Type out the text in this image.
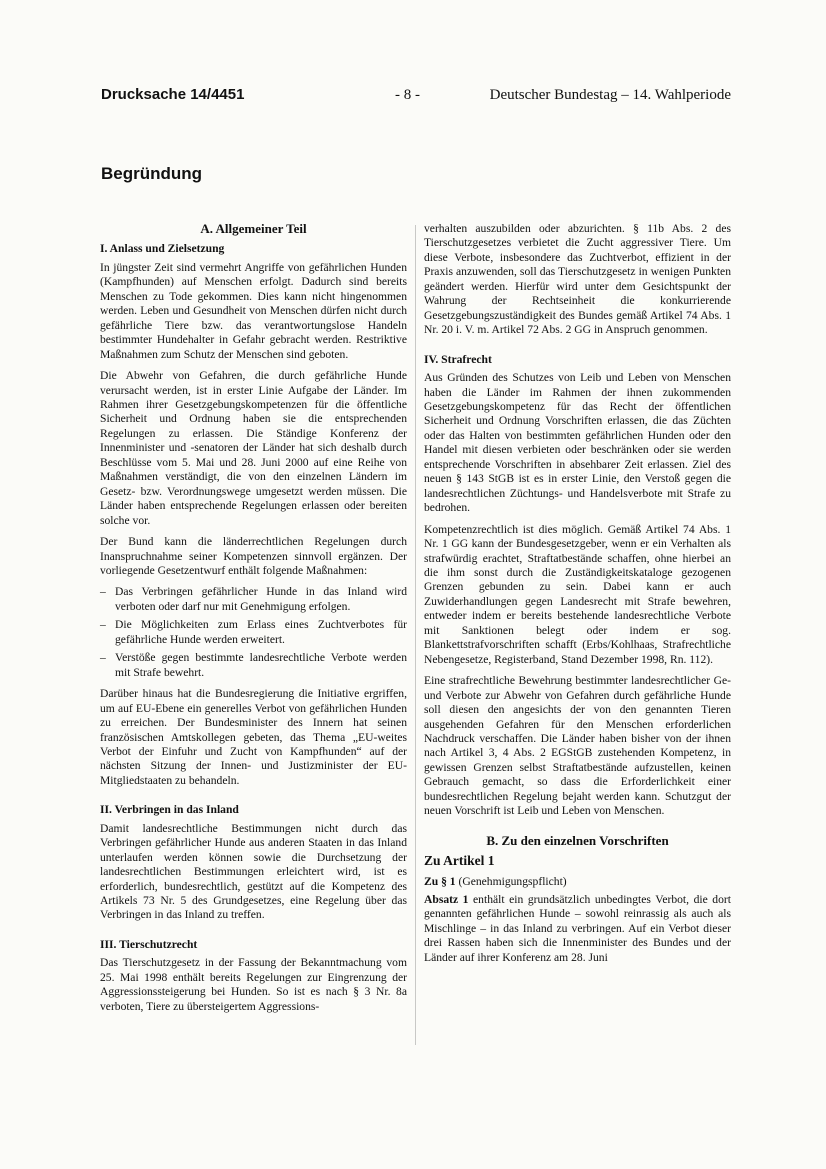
Drucksache 14/4451	- 8 -	Deutscher Bundestag – 14. Wahlperiode
Begründung
A. Allgemeiner Teil
I. Anlass und Zielsetzung

In jüngster Zeit sind vermehrt Angriffe von gefährlichen Hunden (Kampfhunden) auf Menschen erfolgt. Dadurch sind bereits Menschen zu Tode gekommen. Dies kann nicht hingenommen werden. Leben und Gesundheit von Menschen dürfen nicht durch gefährliche Tiere bzw. das verantwortungslose Handeln bestimmter Hundehalter in Gefahr gebracht werden. Restriktive Maßnahmen zum Schutz der Menschen sind geboten.

Die Abwehr von Gefahren, die durch gefährliche Hunde verursacht werden, ist in erster Linie Aufgabe der Länder. Im Rahmen ihrer Gesetzgebungskompetenzen für die öffentliche Sicherheit und Ordnung haben sie die entsprechenden Regelungen zu erlassen. Die Ständige Konferenz der Innenminister und -senatoren der Länder hat sich deshalb durch Beschlüsse vom 5. Mai und 28. Juni 2000 auf eine Reihe von Maßnahmen verständigt, die von den einzelnen Ländern im Gesetz- bzw. Verordnungswege umgesetzt werden müssen. Die Länder haben entsprechende Regelungen erlassen oder bereiten solche vor.

Der Bund kann die länderrechtlichen Regelungen durch Inanspruchnahme seiner Kompetenzen sinnvoll ergänzen. Der vorliegende Gesetzentwurf enthält folgende Maßnahmen:

– Das Verbringen gefährlicher Hunde in das Inland wird verboten oder darf nur mit Genehmigung erfolgen.
– Die Möglichkeiten zum Erlass eines Zuchtverbotes für gefährliche Hunde werden erweitert.
– Verstöße gegen bestimmte landesrechtliche Verbote werden mit Strafe bewehrt.

Darüber hinaus hat die Bundesregierung die Initiative ergriffen, um auf EU-Ebene ein generelles Verbot von gefährlichen Hunden zu erreichen. Der Bundesminister des Innern hat seinen französischen Amtskollegen gebeten, das Thema „EU-weites Verbot der Einfuhr und Zucht von Kampfhunden“ auf der nächsten Sitzung der Innen- und Justizminister der EU-Mitgliedstaaten zu behandeln.

II. Verbringen in das Inland

Damit landesrechtliche Bestimmungen nicht durch das Verbringen gefährlicher Hunde aus anderen Staaten in das Inland unterlaufen werden können sowie die Durchsetzung der landesrechtlichen Bestimmungen erleichtert wird, ist es erforderlich, bundesrechtlich, gestützt auf die Kompetenz des Artikels 73 Nr. 5 des Grundgesetzes, eine Regelung über das Verbringen in das Inland zu treffen.

III. Tierschutzrecht

Das Tierschutzgesetz in der Fassung der Bekanntmachung vom 25. Mai 1998 enthält bereits Regelungen zur Eingrenzung der Aggressionssteigerung bei Hunden. So ist es nach § 3 Nr. 8a verboten, Tiere zu übersteigertem Aggressions-

verhalten auszubilden oder abzurichten. § 11b Abs. 2 des Tierschutzgesetzes verbietet die Zucht aggressiver Tiere. Um diese Verbote, insbesondere das Zuchtverbot, effizient in der Praxis anzuwenden, soll das Tierschutzgesetz in wenigen Punkten geändert werden. Hierfür wird unter dem Gesichtspunkt der Wahrung der Rechtseinheit die konkurrierende Gesetzgebungszuständigkeit des Bundes gemäß Artikel 74 Abs. 1 Nr. 20 i. V. m. Artikel 72 Abs. 2 GG in Anspruch genommen.

IV. Strafrecht

Aus Gründen des Schutzes von Leib und Leben von Menschen haben die Länder im Rahmen der ihnen zukommenden Gesetzgebungskompetenz für das Recht der öffentlichen Sicherheit und Ordnung Vorschriften erlassen, die das Züchten oder das Halten von bestimmten gefährlichen Hunden oder den Handel mit diesen verbieten oder beschränken oder sie werden entsprechende Vorschriften in absehbarer Zeit erlassen. Ziel des neuen § 143 StGB ist es in erster Linie, den Verstoß gegen die landesrechtlichen Züchtungs- und Handelsverbote mit Strafe zu bedrohen.

Kompetenzrechtlich ist dies möglich. Gemäß Artikel 74 Abs. 1 Nr. 1 GG kann der Bundesgesetzgeber, wenn er ein Verhalten als strafwürdig erachtet, Straftatbestände schaffen, ohne hierbei an die ihm sonst durch die Zuständigkeitskataloge gezogenen Grenzen gebunden zu sein. Dabei kann er auch Zuwiderhandlungen gegen Landesrecht mit Strafe bewehren, entweder indem er bereits bestehende landesrechtliche Verbote mit Sanktionen belegt oder indem er sog. Blankettstrafvorschriften schafft (Erbs/Kohlhaas, Strafrechtliche Nebengesetze, Registerband, Stand Dezember 1998, Rn. 112).

Eine strafrechtliche Bewehrung bestimmter landesrechtlicher Ge- und Verbote zur Abwehr von Gefahren durch gefährliche Hunde soll diesen den angesichts der von den genannten Tieren ausgehenden Gefahren für den Menschen erforderlichen Nachdruck verschaffen. Die Länder haben bisher von der ihnen nach Artikel 3, 4 Abs. 2 EGStGB zustehenden Kompetenz, in gewissen Grenzen selbst Straftatbestände aufzustellen, keinen Gebrauch gemacht, so dass die Erforderlichkeit einer bundesrechtlichen Regelung bejaht werden kann. Schutzgut der neuen Vorschrift ist Leib und Leben von Menschen.

B. Zu den einzelnen Vorschriften
Zu Artikel 1
Zu § 1 (Genehmigungspflicht)

Absatz 1 enthält ein grundsätzlich unbedingtes Verbot, die dort genannten gefährlichen Hunde – sowohl reinrassig als auch als Mischlinge – in das Inland zu verbringen. Auf ein Verbot dieser drei Rassen haben sich die Innenminister des Bundes und der Länder auf ihrer Konferenz am 28. Juni
